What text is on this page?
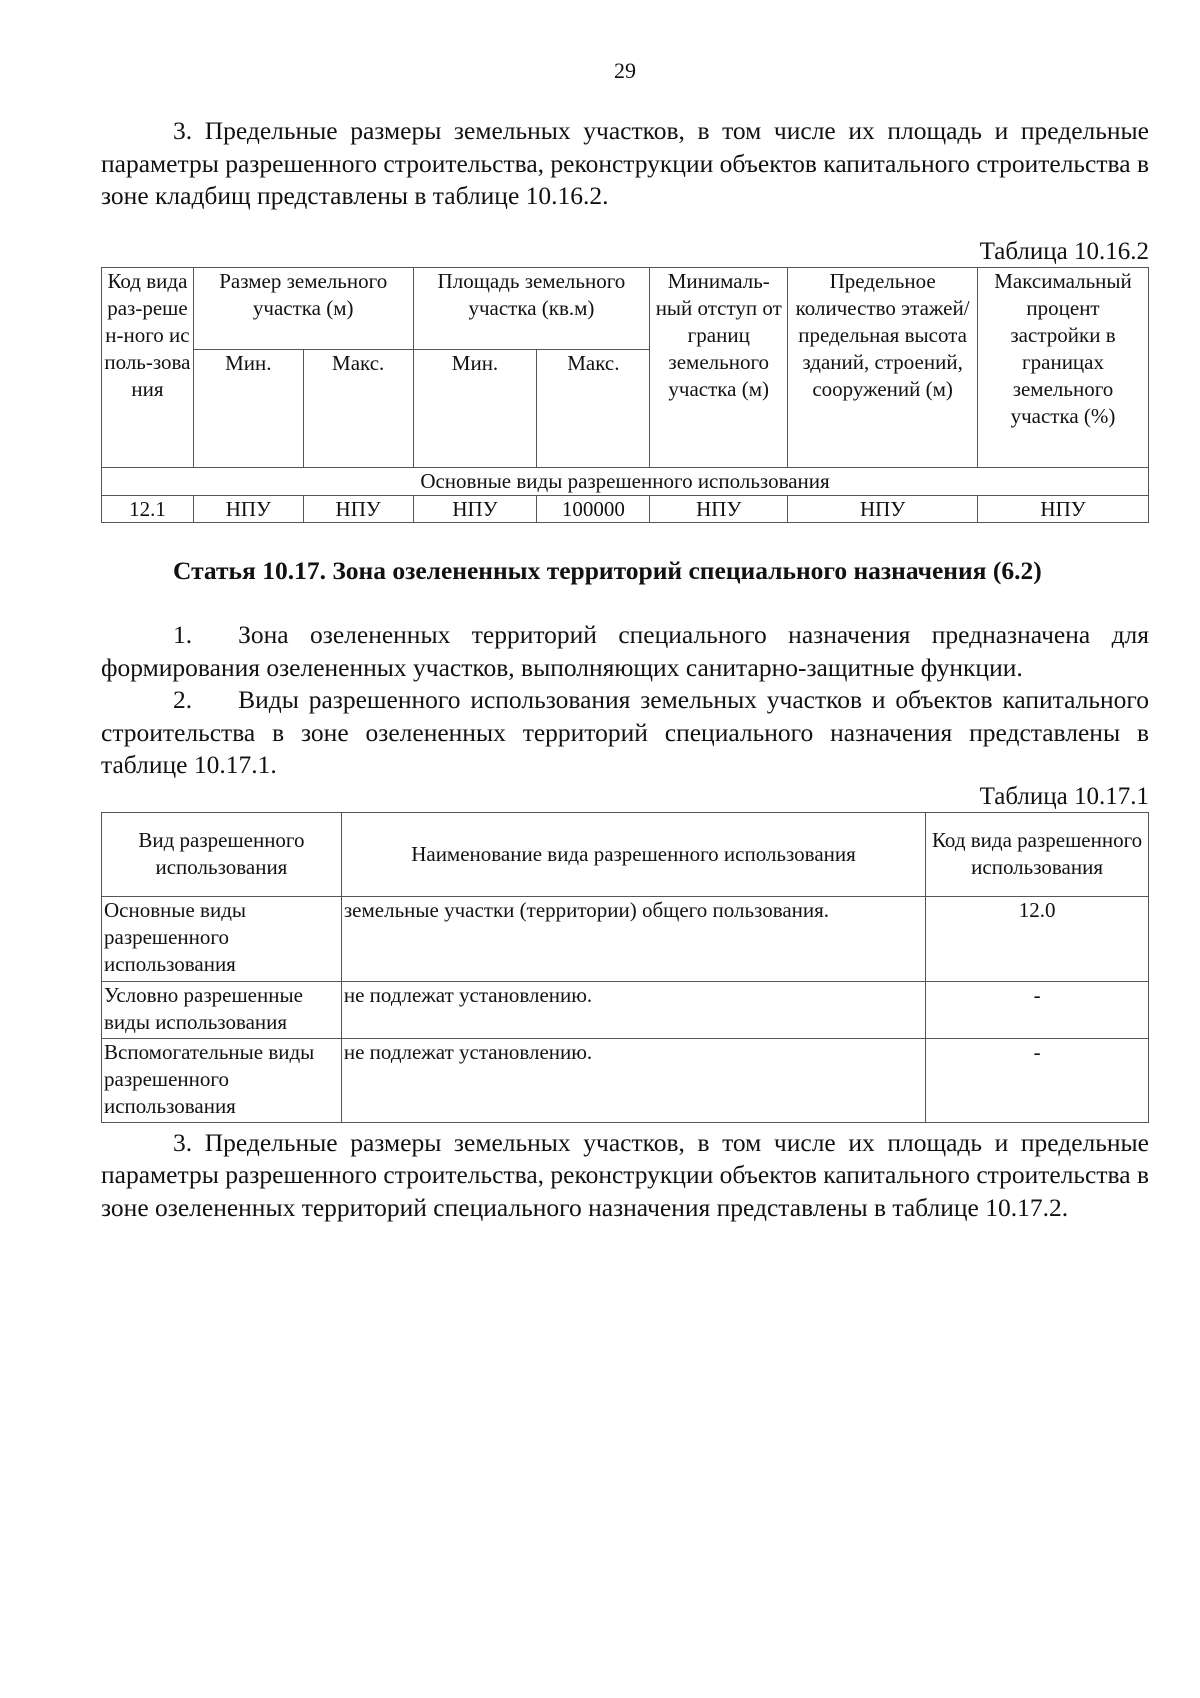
29

3. Предельные размеры земельных участков, в том числе их площадь и предельные параметры разрешенного строительства, реконструкции объектов капитального строительства в зоне кладбищ представлены в таблице 10.16.2.

Таблица 10.16.2
Код вида раз-решен-ного исполь-зования	Размер земельного участка (м)		Площадь земельного участка (кв.м)		Минималь-ный отступ от границ земельного участка (м)	Предельное количество этажей/ предельная высота зданий, строений, сооружений (м)	Максимальный процент застройки в границах земельного участка (%)
	Мин.	Макс.	Мин.	Макс.			
Основные виды разрешенного использования							
12.1	НПУ	НПУ	НПУ	100000	НПУ	НПУ	НПУ

Статья 10.17. Зона озелененных территорий специального назначения (6.2)

1. Зона озелененных территорий специального назначения предназначена для формирования озелененных участков, выполняющих санитарно-защитные функции.

2. Виды разрешенного использования земельных участков и объектов капитального строительства в зоне озелененных территорий специального назначения представлены в таблице 10.17.1.

Таблица 10.17.1
Вид разрешенного использования	Наименование вида разрешенного использования	Код вида разрешенного использования
Основные виды разрешенного использования	земельные участки (территории) общего пользования.	12.0
Условно разрешенные виды использования	не подлежат установлению.	-
Вспомогательные виды разрешенного использования	не подлежат установлению.	-

3. Предельные размеры земельных участков, в том числе их площадь и предельные параметры разрешенного строительства, реконструкции объектов капитального строительства в зоне озелененных территорий специального назначения представлены в таблице 10.17.2.
